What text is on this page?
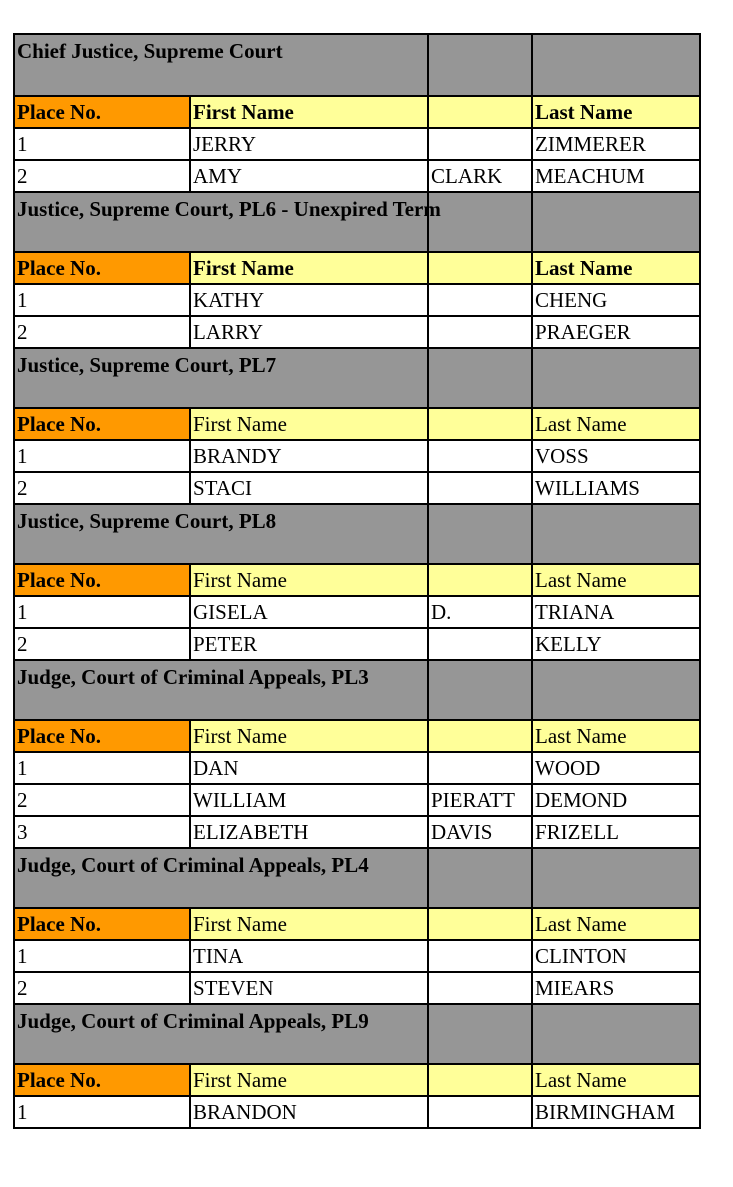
Chief Justice, Supreme Court			

Place No.	First Name		Last Name
1	JERRY		ZIMMERER
2	AMY	CLARK	MEACHUM

Justice, Supreme Court, PL6 - Unexpired Term			

Place No.	First Name		Last Name
1	KATHY		CHENG
2	LARRY		PRAEGER

Justice, Supreme Court, PL7			

Place No.	First Name		Last Name
1	BRANDY		VOSS
2	STACI		WILLIAMS

Justice, Supreme Court, PL8			

Place No.	First Name		Last Name
1	GISELA	D.	TRIANA
2	PETER		KELLY

Judge, Court of Criminal Appeals, PL3			

Place No.	First Name		Last Name
1	DAN		WOOD
2	WILLIAM	PIERATT	DEMOND
3	ELIZABETH	DAVIS	FRIZELL

Judge, Court of Criminal Appeals, PL4			

Place No.	First Name		Last Name
1	TINA		CLINTON
2	STEVEN		MIEARS

Judge, Court of Criminal Appeals, PL9			

Place No.	First Name		Last Name
1	BRANDON		BIRMINGHAM
